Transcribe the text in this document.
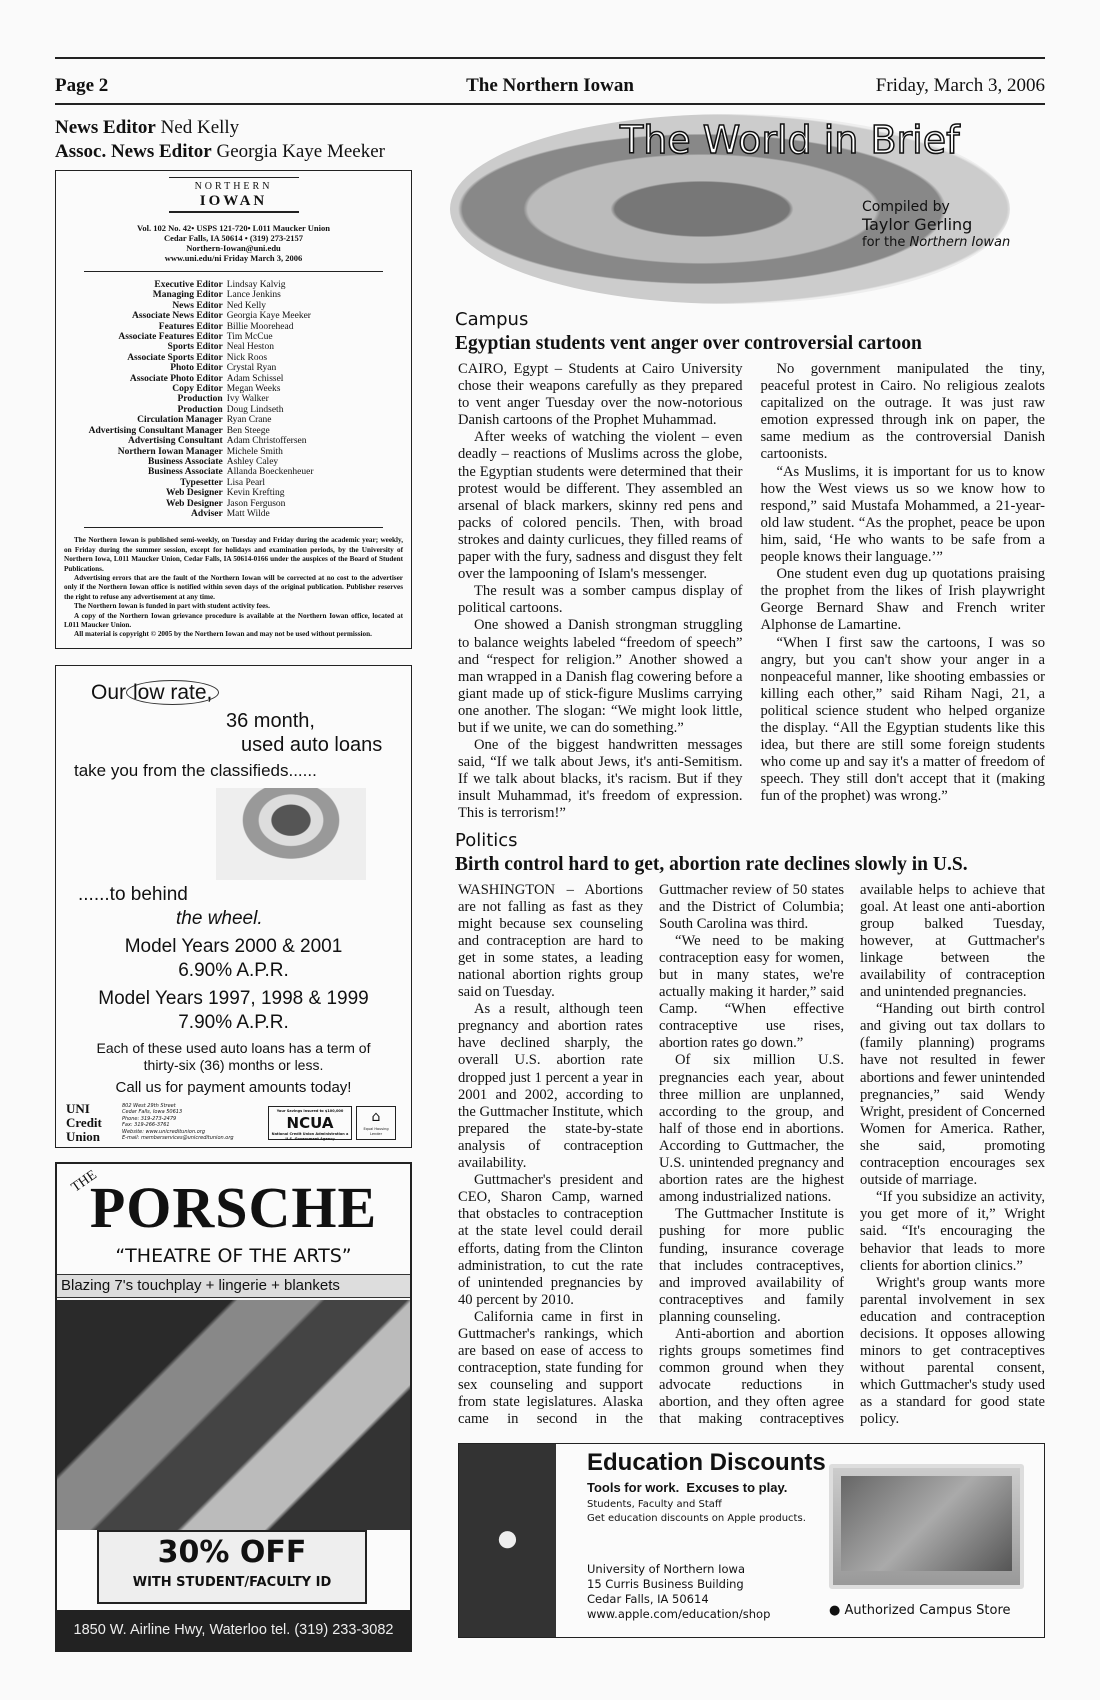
Page 2	The Northern Iowan	Friday, March 3, 2006
News Editor Ned Kelly
Assoc. News Editor Georgia Kaye Meeker
NORTHERN
IOWAN
Vol. 102 No. 42• USPS 121-720• L011 Maucker Union
Cedar Falls, IA 50614 • (319) 273-2157
Northern-Iowan@uni.edu
www.uni.edu/ni Friday March 3, 2006
Executive Editor Lindsay Kalvig
Managing Editor Lance Jenkins
News Editor Ned Kelly
Associate News Editor Georgia Kaye Meeker
Features Editor Billie Moorehead
Associate Features Editor Tim McCue
Sports Editor Neal Heston
Associate Sports Editor Nick Roos
Photo Editor Crystal Ryan
Associate Photo Editor Adam Schissel
Copy Editor Megan Weeks
Production Ivy Walker
Production Doug Lindseth
Circulation Manager Ryan Crane
Advertising Consultant Manager Ben Steege
Advertising Consultant Adam Christoffersen
Northern Iowan Manager Michele Smith
Business Associate Ashley Caley
Business Associate Allanda Boeckenheuer
Typesetter Lisa Pearl
Web Designer Kevin Krefting
Web Designer Jason Ferguson
Adviser Matt Wilde

The Northern Iowan is published semi-weekly, on Tuesday and Friday during the academic year; weekly, on Friday during the summer session, except for holidays and examination periods, by the University of Northern Iowa, L011 Maucker Union, Cedar Falls, IA 50614-0166 under the auspices of the Board of Student Publications.

Advertising errors that are the fault of the Northern Iowan will be corrected at no cost to the advertiser only if the Northern Iowan office is notified within seven days of the original publication. Publisher reserves the right to refuse any advertisement at any time.

The Northern Iowan is funded in part with student activity fees.

A copy of the Northern Iowan grievance procedure is available at the Northern Iowan office, located at L011 Maucker Union.

All material is copyright © 2005 by the Northern Iowan and may not be used without permission.

Our low rate,
36 month,
used auto loans
take you from the classifieds......
......to behind
the wheel.
Model Years 2000 & 2001
6.90% A.P.R.
Model Years 1997, 1998 & 1999
7.90% A.P.R.
Each of these used auto loans has a term of thirty-six (36) months or less.
Call us for payment amounts today!
UNI
Credit
Union
802 West 29th Street
Cedar Falls, Iowa 50613
Phone: 319-273-2479
Fax: 319-266-3761
Website: www.unicreditunion.org
E-mail: memberservices@unicreditunion.org
Your Savings Insured to $100,000
NCUA
National Credit Union Administration a U.S. Government Agency
⌂
Equal Housing Lender
THE
PORSCHE
“THEATRE OF THE ARTS”
Blazing 7's touchplay + lingerie + blankets
30% OFF
WITH STUDENT/FACULTY ID
1850 W. Airline Hwy, Waterloo tel. (319) 233-3082
The World in Brief
Compiled by
Taylor Gerling
for the Northern Iowan
Campus
Egyptian students vent anger over controversial cartoon

CAIRO, Egypt – Students at Cairo University chose their weapons carefully as they prepared to vent anger Tuesday over the now-notorious Danish cartoons of the Prophet Muhammad.

After weeks of watching the violent – even deadly – reactions of Muslims across the globe, the Egyptian students were determined that their protest would be different. They assembled an arsenal of black markers, skinny red pens and packs of colored pencils. Then, with broad strokes and dainty curlicues, they filled reams of paper with the fury, sadness and disgust they felt over the lampooning of Islam's messenger.

The result was a somber campus display of political cartoons.

One showed a Danish strongman struggling to balance weights labeled “freedom of speech” and “respect for religion.” Another showed a man wrapped in a Danish flag cowering before a giant made up of stick-figure Muslims carrying one another. The slogan: “We might look little, but if we unite, we can do something.”

One of the biggest handwritten messages said, “If we talk about Jews, it's anti-Semitism. If we talk about blacks, it's racism. But if they insult Muhammad, it's freedom of expression. This is terrorism!”

No government manipulated the tiny, peaceful protest in Cairo. No religious zealots capitalized on the outrage. It was just raw emotion expressed through ink on paper, the same medium as the controversial Danish cartoonists.

“As Muslims, it is important for us to know how the West views us so we know how to respond,” said Mustafa Mohammed, a 21-year-old law student. “As the prophet, peace be upon him, said, ‘He who wants to be safe from a people knows their language.’”

One student even dug up quotations praising the prophet from the likes of Irish playwright George Bernard Shaw and French writer Alphonse de Lamartine.

“When I first saw the cartoons, I was so angry, but you can't show your anger in a nonpeaceful manner, like shooting embassies or killing each other,” said Riham Nagi, 21, a political science student who helped organize the display. “All the Egyptian students like this idea, but there are still some foreign students who come up and say it's a matter of freedom of speech. They still don't accept that it (making fun of the prophet) was wrong.”

Politics
Birth control hard to get, abortion rate declines slowly in U.S.

WASHINGTON – Abortions are not falling as fast as they might because sex counseling and contraception are hard to get in some states, a leading national abortion rights group said on Tuesday.

As a result, although teen pregnancy and abortion rates have declined sharply, the overall U.S. abortion rate dropped just 1 percent a year in 2001 and 2002, according to the Guttmacher Institute, which prepared the state-by-state analysis of contraception availability.

Guttmacher's president and CEO, Sharon Camp, warned that obstacles to contraception at the state level could derail efforts, dating from the Clinton administration, to cut the rate of unintended pregnancies by 40 percent by 2010.

California came in first in Guttmacher's rankings, which are based on ease of access to contraception, state funding for sex counseling and support from state legislatures. Alaska came in second in the Guttmacher review of 50 states and the District of Columbia; South Carolina was third.

“We need to be making contraception easy for women, but in many states, we're actually making it harder,” said Camp. “When effective contraceptive use rises, abortion rates go down.”

Of six million U.S. pregnancies each year, about three million are unplanned, according to the group, and half of those end in abortions. According to Guttmacher, the U.S. unintended pregnancy and abortion rates are the highest among industrialized nations.

The Guttmacher Institute is pushing for more public funding, insurance coverage that includes contraceptives, and improved availability of contraceptives and family planning counseling.

Anti-abortion and abortion rights groups sometimes find common ground when they advocate reductions in abortion, and they often agree that making contraceptives available helps to achieve that goal. At least one anti-abortion group balked Tuesday, however, at Guttmacher's linkage between the availability of contraception and unintended pregnancies.

“Handing out birth control and giving out tax dollars to (family planning) programs have not resulted in fewer abortions and fewer unintended pregnancies,” said Wendy Wright, president of Concerned Women for America. Rather, she said, promoting contraception encourages sex outside of marriage.

“If you subsidize an activity, you get more of it,” Wright said. “It's encouraging the behavior that leads to more clients for abortion clinics.”

Wright's group wants more parental involvement in sex education and contraception decisions. It opposes allowing minors to get contraceptives without parental consent, which Guttmacher's study used as a standard for good state policy.

●
Education Discounts
Tools for work.  Excuses to play.
Students, Faculty and Staff
Get education discounts on Apple products.
University of Northern Iowa
15 Curris Business Building
Cedar Falls, IA 50614
www.apple.com/education/shop	● Authorized Campus Store
